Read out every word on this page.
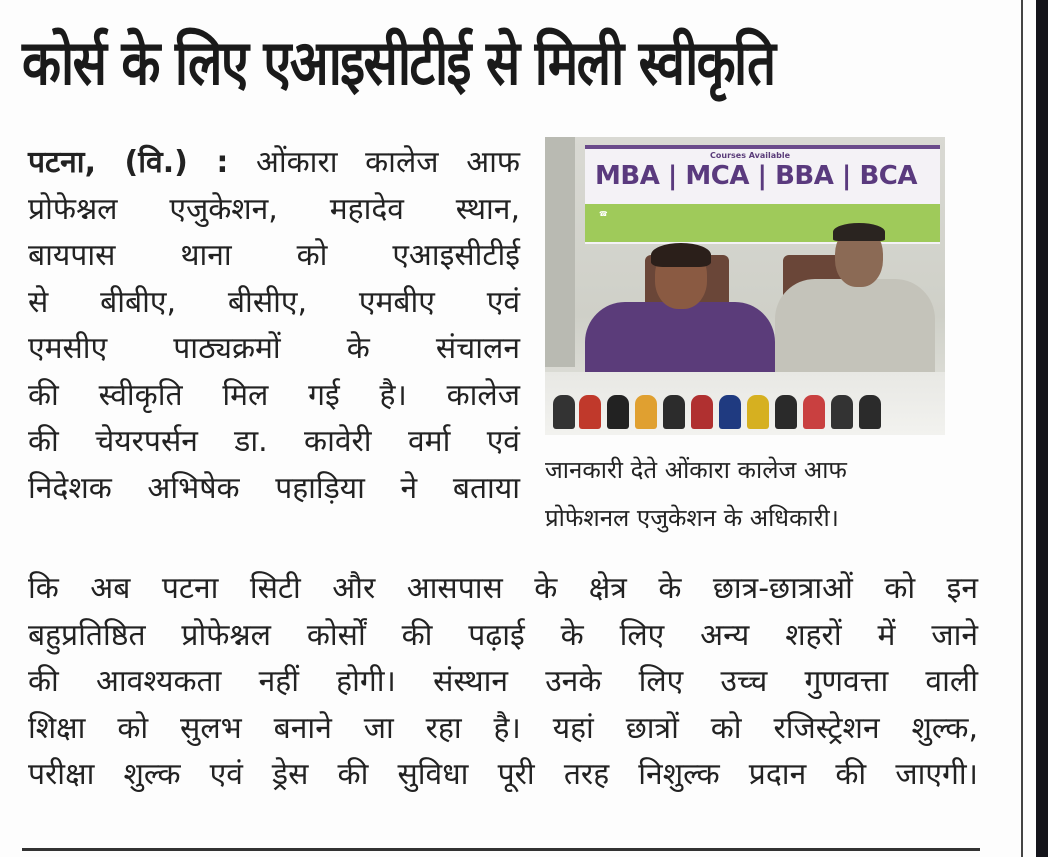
कोर्स के लिए एआइसीटीई से मिली स्वीकृति
पटना, (वि.) : ओंकारा कालेज आफ
प्रोफेश्नल एजुकेशन, महादेव स्थान,
बायपास थाना को एआइसीटीई
से बीबीए, बीसीए, एमबीए एवं
एमसीए पाठ्यक्रमों के संचालन
की स्वीकृति मिल गई है। कालेज
की चेयरपर्सन डा. कावेरी वर्मा एवं
निदेशक अभिषेक पहाड़िया ने बताया
Courses Available
MBA | MCA | BBA | BCA
☎
जानकारी देते ओंकारा कालेज आफ
प्रोफेशनल एजुकेशन के अधिकारी।
कि अब पटना सिटी और आसपास के क्षेत्र के छात्र-छात्राओं को इन
बहुप्रतिष्ठित प्रोफेश्नल कोर्सों की पढ़ाई के लिए अन्य शहरों में जाने
की आवश्यकता नहीं होगी। संस्थान उनके लिए उच्च गुणवत्ता वाली
शिक्षा को सुलभ बनाने जा रहा है। यहां छात्रों को रजिस्ट्रेशन शुल्क,
परीक्षा शुल्क एवं ड्रेस की सुविधा पूरी तरह निशुल्क प्रदान की जाएगी।
